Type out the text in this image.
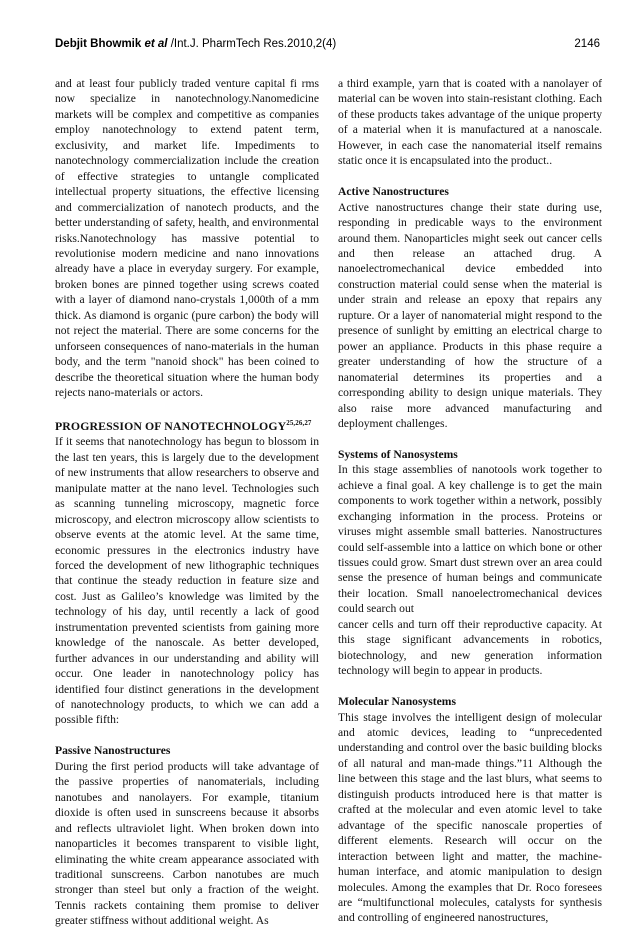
Debjit Bhowmik et al /Int.J. PharmTech Res.2010,2(4)	2146

and at least four publicly traded venture capital fi rms now specialize in nanotechnology.Nanomedicine markets will be complex and competitive as companies employ nanotechnology to extend patent term, exclusivity, and market life. Impediments to nanotechnology commercialization include the creation of effective strategies to untangle complicated intellectual property situations, the effective licensing and commercialization of nanotech products, and the better understanding of safety, health, and environmental risks.Nanotechnology has massive potential to revolutionise modern medicine and nano innovations already have a place in everyday surgery. For example, broken bones are pinned together using screws coated with a layer of diamond nano-crystals 1,000th of a mm thick. As diamond is organic (pure carbon) the body will not reject the material. There are some concerns for the unforseen consequences of nano-materials in the human body, and the term "nanoid shock" has been coined to describe the theoretical situation where the human body rejects nano-materials or actors.

PROGRESSION OF NANOTECHNOLOGY$^{25,26,27}$

If it seems that nanotechnology has begun to blossom in the last ten years, this is largely due to the development of new instruments that allow researchers to observe and manipulate matter at the nano level. Technologies such as scanning tunneling microscopy, magnetic force microscopy, and electron microscopy allow scientists to observe events at the atomic level. At the same time, economic pressures in the electronics industry have forced the development of new lithographic techniques that continue the steady reduction in feature size and cost. Just as Galileo’s knowledge was limited by the technology of his day, until recently a lack of good instrumentation prevented scientists from gaining more knowledge of the nanoscale. As better developed, further advances in our understanding and ability will occur. One leader in nanotechnology policy has identified four distinct generations in the development of nanotechnology products, to which we can add a possible fifth:

Passive Nanostructures

During the first period products will take advantage of the passive properties of nanomaterials, including nanotubes and nanolayers. For example, titanium dioxide is often used in sunscreens because it absorbs and reflects ultraviolet light. When broken down into nanoparticles it becomes transparent to visible light, eliminating the white cream appearance associated with traditional sunscreens. Carbon nanotubes are much stronger than steel but only a fraction of the weight. Tennis rackets containing them promise to deliver greater stiffness without additional weight. As

a third example, yarn that is coated with a nanolayer of material can be woven into stain-resistant clothing. Each of these products takes advantage of the unique property of a material when it is manufactured at a nanoscale. However, in each case the nanomaterial itself remains static once it is encapsulated into the product..

Active Nanostructures

Active nanostructures change their state during use, responding in predicable ways to the environment around them. Nanoparticles might seek out cancer cells and then release an attached drug. A nanoelectromechanical device embedded into construction material could sense when the material is under strain and release an epoxy that repairs any rupture. Or a layer of nanomaterial might respond to the presence of sunlight by emitting an electrical charge to power an appliance. Products in this phase require a greater understanding of how the structure of a nanomaterial determines its properties and a corresponding ability to design unique materials. They also raise more advanced manufacturing and deployment challenges.

Systems of Nanosystems

In this stage assemblies of nanotools work together to achieve a final goal. A key challenge is to get the main components to work together within a network, possibly exchanging information in the process. Proteins or viruses might assemble small batteries. Nanostructures could self-assemble into a lattice on which bone or other tissues could grow. Smart dust strewn over an area could sense the presence of human beings and communicate their location. Small nanoelectromechanical devices could search out

cancer cells and turn off their reproductive capacity. At this stage significant advancements in robotics, biotechnology, and new generation information technology will begin to appear in products.

Molecular Nanosystems

This stage involves the intelligent design of molecular and atomic devices, leading to “unprecedented understanding and control over the basic building blocks of all natural and man-made things.”11 Although the line between this stage and the last blurs, what seems to distinguish products introduced here is that matter is crafted at the molecular and even atomic level to take advantage of the specific nanoscale properties of different elements. Research will occur on the interaction between light and matter, the machine-human interface, and atomic manipulation to design molecules. Among the examples that Dr. Roco foresees are “multifunctional molecules, catalysts for synthesis and controlling of engineered nanostructures,
